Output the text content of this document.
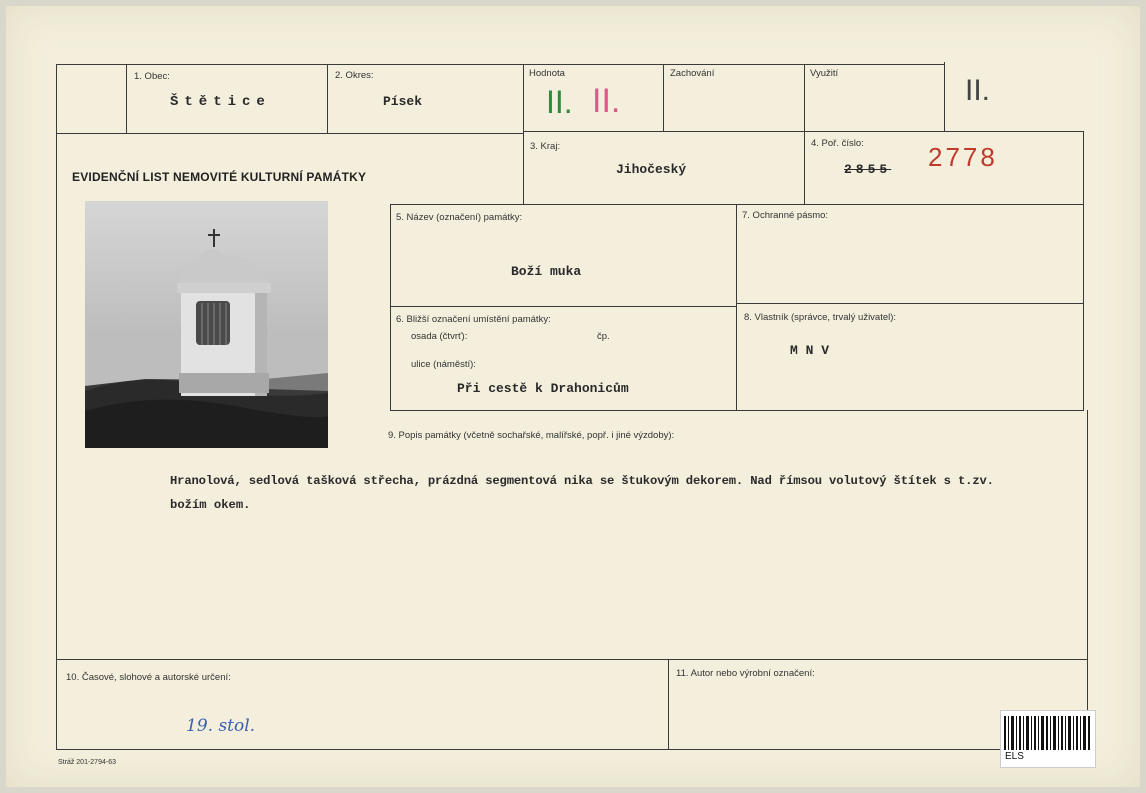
1. Obec:
Štětice
2. Okres:
Písek
Hodnota
II. II.
Zachování	Využití
II.
EVIDENČNÍ LIST NEMOVITÉ KULTURNÍ PAMÁTKY
3. Kraj:
Jihočeský
4. Poř. číslo:
2855 2778
5. Název (označení) památky:
Boží muka
7. Ochranné pásmo:
6. Bližší označení umístění památky:
osada (čtvrť):	čp.
ulice (náměstí):
Při cestě k Drahonicům
8. Vlastník (správce, trvalý uživatel):
M N V
9. Popis památky (včetně sochařské, malířské, popř. i jiné výzdoby):
Hranolová, sedlová tašková střecha, prázdná segmentová nika se štukovým dekorem. Nad římsou volutový štítek s t.zv.
božím okem.
10. Časové, slohové a autorské určení:
19. stol.
11. Autor nebo výrobní označení:
Stráž 201-2794-63
ELS
